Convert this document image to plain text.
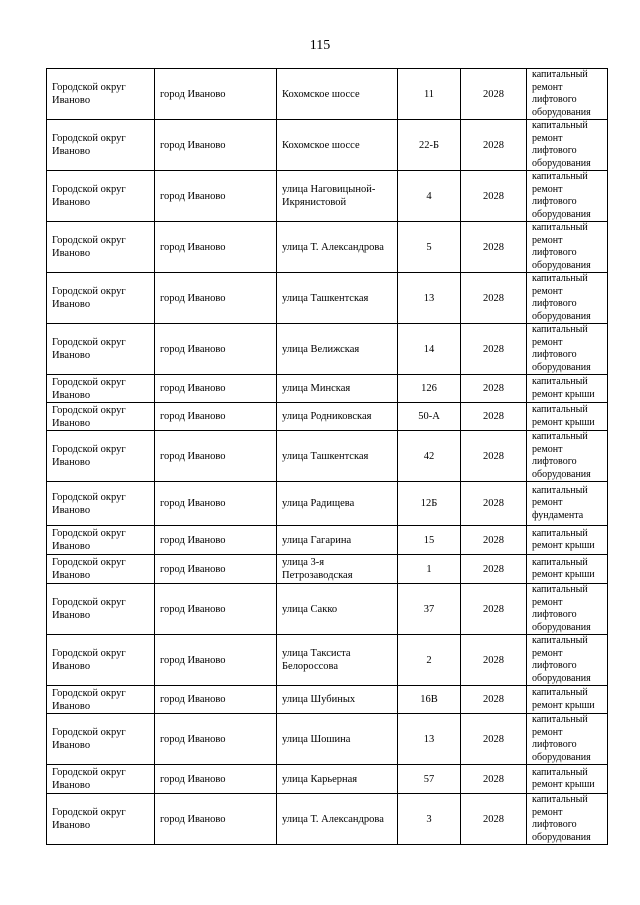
115
Городской округ Иваново	город Иваново	Кохомское шоссе	11	2028	капитальный ремонт лифтового оборудования
Городской округ Иваново	город Иваново	Кохомское шоссе	22-Б	2028	капитальный ремонт лифтового оборудования
Городской округ Иваново	город Иваново	улица Наговицыной-Икрянистовой	4	2028	капитальный ремонт лифтового оборудования
Городской округ Иваново	город Иваново	улица Т. Александрова	5	2028	капитальный ремонт лифтового оборудования
Городской округ Иваново	город Иваново	улица Ташкентская	13	2028	капитальный ремонт лифтового оборудования
Городской округ Иваново	город Иваново	улица Велижская	14	2028	капитальный ремонт лифтового оборудования
Городской округ Иваново	город Иваново	улица Минская	126	2028	капитальный ремонт крыши
Городской округ Иваново	город Иваново	улица Родниковская	50-А	2028	капитальный ремонт крыши
Городской округ Иваново	город Иваново	улица Ташкентская	42	2028	капитальный ремонт лифтового оборудования
Городской округ Иваново	город Иваново	улица Радищева	12Б	2028	капитальный ремонт фундамента
Городской округ Иваново	город Иваново	улица Гагарина	15	2028	капитальный ремонт крыши
Городской округ Иваново	город Иваново	улица 3-я Петрозаводская	1	2028	капитальный ремонт крыши
Городской округ Иваново	город Иваново	улица Сакко	37	2028	капитальный ремонт лифтового оборудования
Городской округ Иваново	город Иваново	улица Таксиста Белороссова	2	2028	капитальный ремонт лифтового оборудования
Городской округ Иваново	город Иваново	улица Шубиных	16В	2028	капитальный ремонт крыши
Городской округ Иваново	город Иваново	улица Шошина	13	2028	капитальный ремонт лифтового оборудования
Городской округ Иваново	город Иваново	улица Карьерная	57	2028	капитальный ремонт крыши
Городской округ Иваново	город Иваново	улица Т. Александрова	3	2028	капитальный ремонт лифтового оборудования
